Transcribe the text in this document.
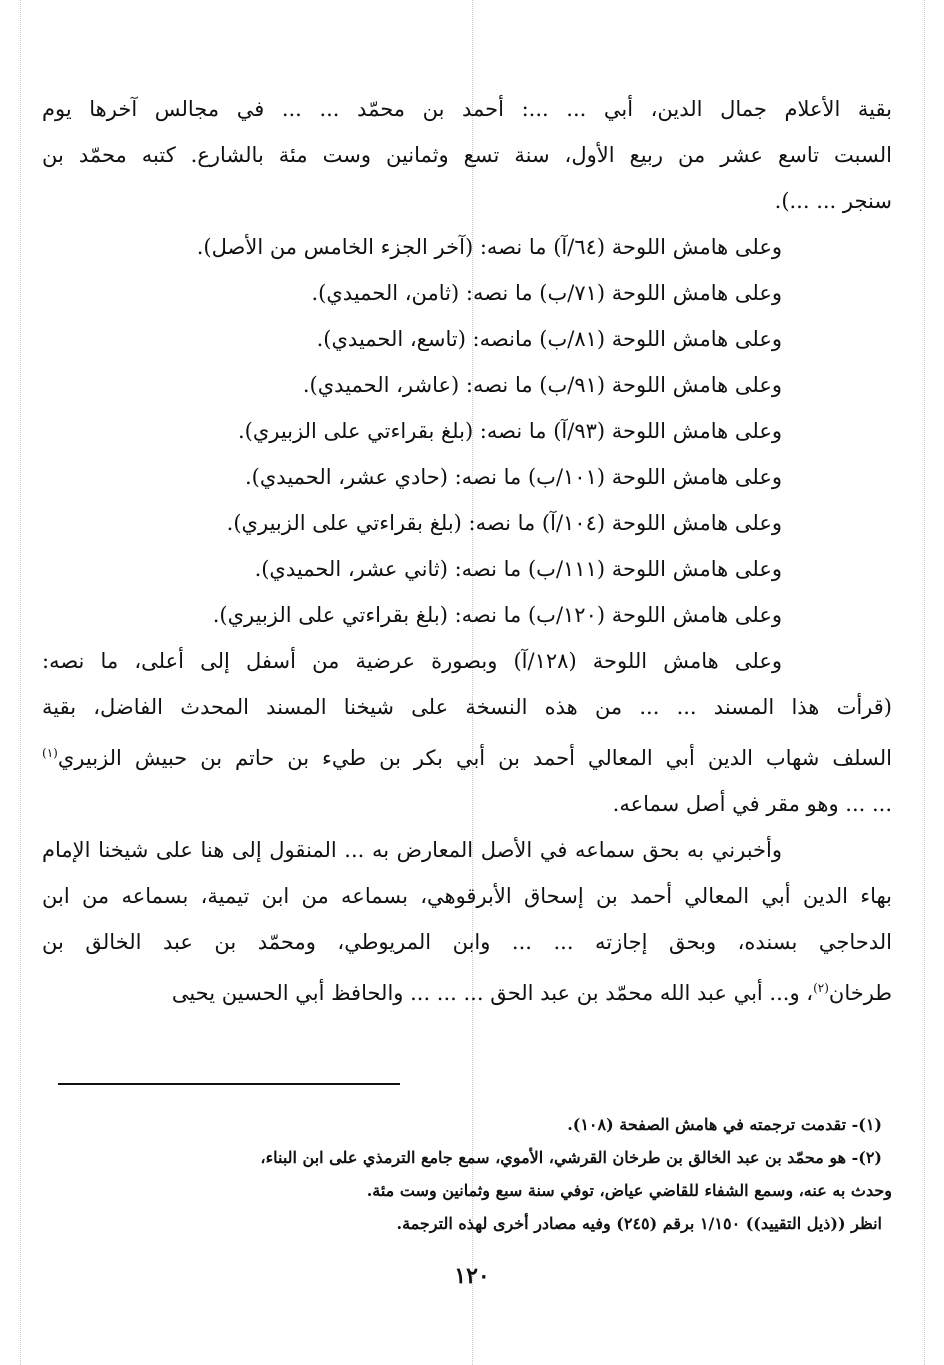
بقية الأعلام جمال الدين، أبي ... ...: أحمد بن محمّد ... ... في مجالس آخرها يوم
السبت تاسع عشر من ربيع الأول، سنة تسع وثمانين وست مئة بالشارع. كتبه محمّد بن
سنجر ... ...).
وعلى هامش اللوحة (٦٤/آ) ما نصه: (آخر الجزء الخامس من الأصل).
وعلى هامش اللوحة (٧١/ب) ما نصه: (ثامن، الحميدي).
وعلى هامش اللوحة (٨١/ب) مانصه: (تاسع، الحميدي).
وعلى هامش اللوحة (٩١/ب) ما نصه: (عاشر، الحميدي).
وعلى هامش اللوحة (٩٣/آ) ما نصه: (بلغ بقراءتي على الزبيري).
وعلى هامش اللوحة (١٠١/ب) ما نصه: (حادي عشر، الحميدي).
وعلى هامش اللوحة (١٠٤/آ) ما نصه: (بلغ بقراءتي على الزبيري).
وعلى هامش اللوحة (١١١/ب) ما نصه: (ثاني عشر، الحميدي).
وعلى هامش اللوحة (١٢٠/ب) ما نصه: (بلغ بقراءتي على الزبيري).
وعلى هامش اللوحة (١٢٨/آ) وبصورة عرضية من أسفل إلى أعلى، ما نصه:
(قرأت هذا المسند ... ... من هذه النسخة على شيخنا المسند المحدث الفاضل، بقية
السلف شهاب الدين أبي المعالي أحمد بن أبي بكر بن طيء بن حاتم بن حبيش الزبيري$^{(١)}$
... ... وهو مقر في أصل سماعه.
وأخبرني به بحق سماعه في الأصل المعارض به ... المنقول إلى هنا على شيخنا الإمام
بهاء الدين أبي المعالي أحمد بن إسحاق الأبرقوهي، بسماعه من ابن تيمية، بسماعه من ابن
الدحاجي بسنده، وبحق إجازته ... ... وابن المريوطي، ومحمّد بن عبد الخالق بن
طرخان$^{(٢)}$، و... أبي عبد الله محمّد بن عبد الحق ... ... ... والحافظ أبي الحسين يحيى
(١)- تقدمت ترجمته في هامش الصفحة (١٠٨).
(٢)- هو محمّد بن عبد الخالق بن طرخان القرشي، الأموي، سمع جامع الترمذي على ابن البناء،
وحدث به عنه، وسمع الشفاء للقاضي عياض، توفي سنة سبع وثمانين وست مئة.
انظر ((ذيل التقييد)) ١/١٥٠ برقم (٢٤٥) وفيه مصادر أخرى لهذه الترجمة.
١٢٠
